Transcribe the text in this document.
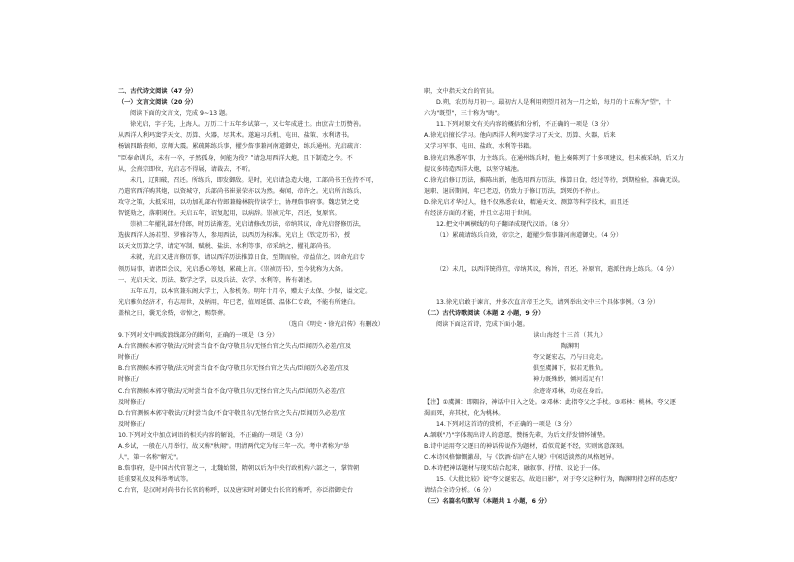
二、古代诗文阅读（47 分）

（一）文言文阅读（20 分）

阅读下面的文言文，完成 9~13 题。

徐光启，字子先，上海人。万历二十五年乡试第一，又七年成进士。由庶吉士历赞善。

从西洋人利玛窦学天文、历算、火器，尽其术。遂遍习兵机、屯田、盐策、水利诸书。

杨镐四路丧师，京师大震。累疏陈练兵事，擢少詹事兼河南道御史，练兵通州。光启疏言：

"臣奉命训兵，未有一卒，孑然孤身，何能为役？"请急用西洋大炮，且下制造之令。不

从，会熹宗即位，光启志不得展，请裁去，不听。

未几，辽阳破，召还。所练兵，即发御敌。是时，光启请急造大炮，工部尚书王佐持不可，

乃遣官西洋购其炮，以资城守，兵部尚书崔景荣亦以为然。奏闻，帝许之。光启所言练兵、

攻守之策，大抵采用，以功加礼部右侍郎兼翰林院侍读学士，协理詹事府事。魏忠贤之党

智铤劾之，落职闲住。天启五年，诏复起用，以病辞。崇祯元年，召还，复原官。

崇祯二年擢礼部左侍郎，时历法渐差，光启请修改历法，帝纳其议，命光启督修历法，

选拔西洋人汤若望、罗雅谷等人，参用西法，以西历为标准。光启上《钦定历书》，授

以天文历算之学，请定军制、赋税、盐法、水利等事，帝采纳之，擢礼部尚书。

未就，光启又进言修历事，请以西洋历法推算日食，至期而验，帝益信之，因命光启专

领历局事，请诸臣会议，光启悉心筹划，累疏上言。《崇祯历书》，至今犹称为大备。

一、光启天文、历法、数学之学，以及兵法、农学、水利等，皆有著述。

五年五月，以本官兼东阁大学士，入参机务。明年十月卒，赠太子太保、少保，谥文定。

光启雅负经济才，有志用世，及柄用，年已老，值周延儒、温体仁专政，不能有所建白。

盖棺之日，囊无余赀，帝悼之，赐祭葬。

（选自《明史・徐光启传》有删改）

9.下列对文中画波浪线部分的断句，正确的一项是（3 分）

A.台官测候本郭守敬法/元时尝当食不食/守敬且尔/无怪台官之失占/臣闻历久必差/宜及

时修正/

B.台官测候本郭守敬/法元时尝当食不食/守敬且尔无怪台官之失占/臣闻历久必差/宜及

时修正/

C.台官测候本郭守敬法/元时尝当食不食/守敬且尔/无怪台官之失占/臣闻历久必差/宜

及时修正/

D.台官测候本郭守敬法/元时尝当食/不食守敬且尔/无怪台官之失占/臣闻历久必差/宜

及时修正/

10.下列对文中加点词语的相关内容的解说，不正确的一项是（3 分）

A.乡试，一般在八月举行，故又称"秋闱"。明清两代定为每三年一次。考中者称为"举

人"，第一名称"解元"。

B.詹事府，是中国古代官署之一，北魏始置，隋朝以后为中央行政机构六部之一，掌管朝

廷重要礼仪及科举考试等。

C.台官，是汉时对尚书台长官的称呼，以及唐宋时对御史台长官的称呼，亦泛指御史台

职，文中指天文台的官员。

D.朔，农历每月初一。最初古人是利用朔望月初为一月之始，每月的十五称为"望"，十

六为"既望"，三十称为"晦"。

11.下列对原文有关内容的概括和分析，不正确的一项是（3 分）

A.徐光启擅长学习。他向西洋人利玛窦学习了天文、历算、火器，后来

又学习军事、屯田、盐政、水利等书籍。

B.徐光启熟悉军事，力主练兵。在通州练兵时，他上奏陈列了十多项建议，但未被采纳，后又力

提议多铸造西洋大炮，以坚守城池。

C.徐光启修订历法，推陈出新，他选用西方历法，推算日食，经过等待，到期检验，准确无误。

退职、退居期间，年已老迈，仍致力于修订历法，到死仍不停止。

D.徐光启才华过人，他不仅熟悉农业，精通天文、测算等科学技术，而且还

有经济方面的才能，并且立志用于世间。

12.把文中画横线的句子翻译成现代汉语。（8 分）

（1）累疏请练兵自效，帝宗之，超擢少詹事兼河南道御史。（4 分）

（2）未几，以西洋铳得宜，帝纳其议，称旨，召还，补原官，遣派往海上练兵。（4 分）

13.徐光启敢于谏言，并多次直言帝王之失，请列举出文中三个具体事例。（3 分）

（二）古代诗歌阅读（本题 2 小题，9 分）

阅读下面这首诗，完成下面小题。

读山海经十三首（其九）

陶渊明

夸父诞宏志，乃与日竞走。

俱至虞渊下，似若无胜负。

神力既殊妙，倾河焉足有！

余迹寄邓林，功竟在身后。

【注】①虞渊：即隅谷，神话中日入之处。②邓林：此指夸父之手杖。③邓林：桃林。夸父逐

渴而死，弃其杖，化为桃林。

14.下列对这首诗的赏析，不正确的一项是（3 分）

A.颔联"乃"字体现出诗人的意愿，赞扬先辈，为后文抒发情怀铺垫。

B.诗中运用夸父逐日的神话传说作为题材，看似荒诞不经，实则寓意深刻。

C.本诗风格慷慨激昂，与《饮酒·结庐在人境》中闲适淡然的风格迥异。

D.本诗把神话题材与现实结合起来，融叙事、抒情、议论于一体。

15.《大批比较》说"夸父诞宏志，故追日影"，对于夸父这种行为，陶渊明持怎样的态度？

请结合全诗分析。（6 分）

（三）名篇名句默写（本题共 1 小题，6 分）
